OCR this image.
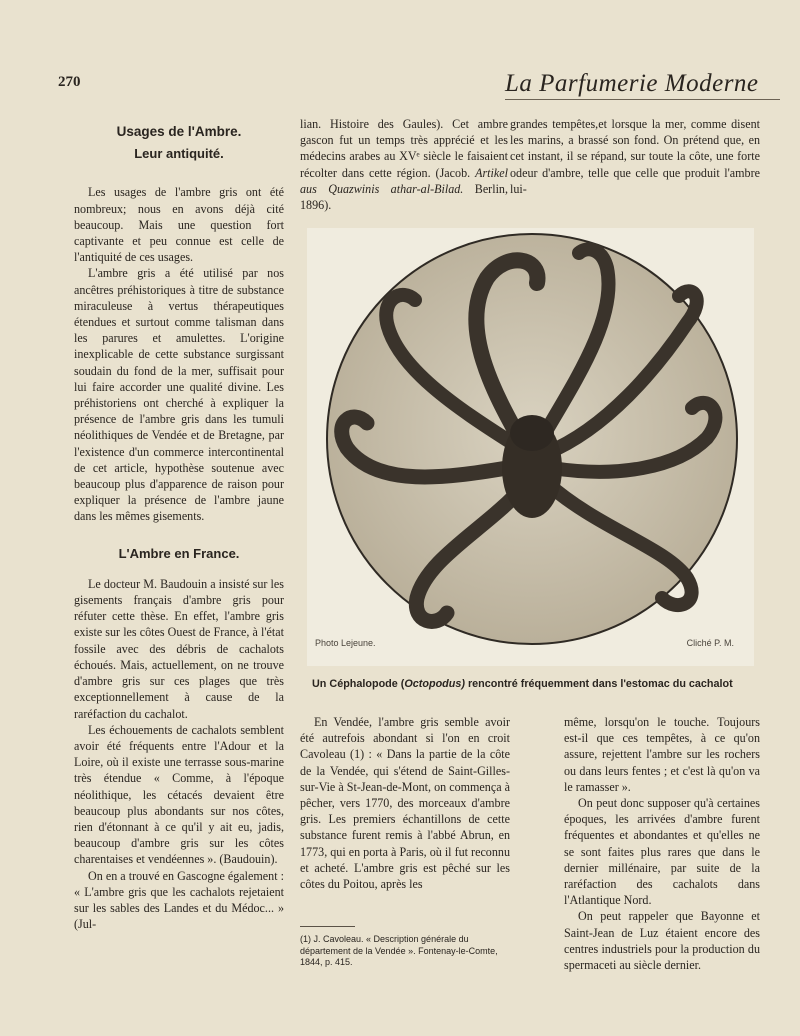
270	La Parfumerie Moderne
Usages de l'Ambre.
Leur antiquité.

Les usages de l'ambre gris ont été nombreux; nous en avons déjà cité beaucoup. Mais une question fort captivante et peu connue est celle de l'antiquité de ces usages.

L'ambre gris a été utilisé par nos ancêtres préhistoriques à titre de substance miraculeuse à vertus thérapeutiques étendues et surtout comme talisman dans les parures et amulettes. L'origine inexplicable de cette substance surgissant soudain du fond de la mer, suffisait pour lui faire accorder une qualité divine. Les préhistoriens ont cherché à expliquer la présence de l'ambre gris dans les tumuli néolithiques de Vendée et de Bretagne, par l'existence d'un commerce intercontinental de cet article, hypothèse soutenue avec beaucoup plus d'apparence de raison pour expliquer la présence de l'ambre jaune dans les mêmes gisements.

L'Ambre en France.

Le docteur M. Baudouin a insisté sur les gisements français d'ambre gris pour réfuter cette thèse. En effet, l'ambre gris existe sur les côtes Ouest de France, à l'état fossile avec des débris de cachalots échoués. Mais, actuellement, on ne trouve d'ambre gris sur ces plages que très exceptionnellement à cause de la raréfaction du cachalot.

Les échouements de cachalots semblent avoir été fréquents entre l'Adour et la Loire, où il existe une terrasse sous-marine très étendue « Comme, à l'époque néolithique, les cétacés devaient être beaucoup plus abondants sur nos côtes, rien d'étonnant à ce qu'il y ait eu, jadis, beaucoup d'ambre gris sur les côtes charentaises et vendéennes ». (Baudouin).

On en a trouvé en Gascogne également : « L'ambre gris que les cachalots rejetaient sur les sables des Landes et du Médoc... » (Jul-

lian. Histoire des Gaules). Cet ambre gascon fut un temps très apprécié et les médecins arabes au XVᵉ siècle le faisaient récolter dans cette région. (Jacob. Artikel aus Quazwinis athar-al-Bilad. Berlin, 1896).

grandes tempêtes,et lorsque la mer, comme disent les marins, a brassé son fond. On prétend que, en cet instant, il se répand, sur toute la côte, une forte odeur d'ambre, telle que celle que produit l'ambre lui-

Photo Lejeune.	Cliché P. M.
Un Céphalopode (Octopodus) rencontré fréquemment dans l'estomac du cachalot

En Vendée, l'ambre gris semble avoir été autrefois abondant si l'on en croit Cavoleau (1) : « Dans la partie de la côte de la Vendée, qui s'étend de Saint-Gilles-sur-Vie à St-Jean-de-Mont, on commença à pêcher, vers 1770, des morceaux d'ambre gris. Les premiers échantillons de cette substance furent remis à l'abbé Abrun, en 1773, qui en porta à Paris, où il fut reconnu et acheté. L'ambre gris est pêché sur les côtes du Poitou, après les

même, lorsqu'on le touche. Toujours est-il que ces tempêtes, à ce qu'on assure, rejettent l'ambre sur les rochers ou dans leurs fentes ; et c'est là qu'on va le ramasser ».

On peut donc supposer qu'à certaines époques, les arrivées d'ambre furent fréquentes et abondantes et qu'elles ne se sont faites plus rares que dans le dernier millénaire, par suite de la raréfaction des cachalots dans l'Atlantique Nord.

On peut rappeler que Bayonne et Saint-Jean de Luz étaient encore des centres industriels pour la production du spermaceti au siècle dernier.

(1) J. Cavoleau. « Description générale du département de la Vendée ». Fontenay-le-Comte, 1844, p. 415.
